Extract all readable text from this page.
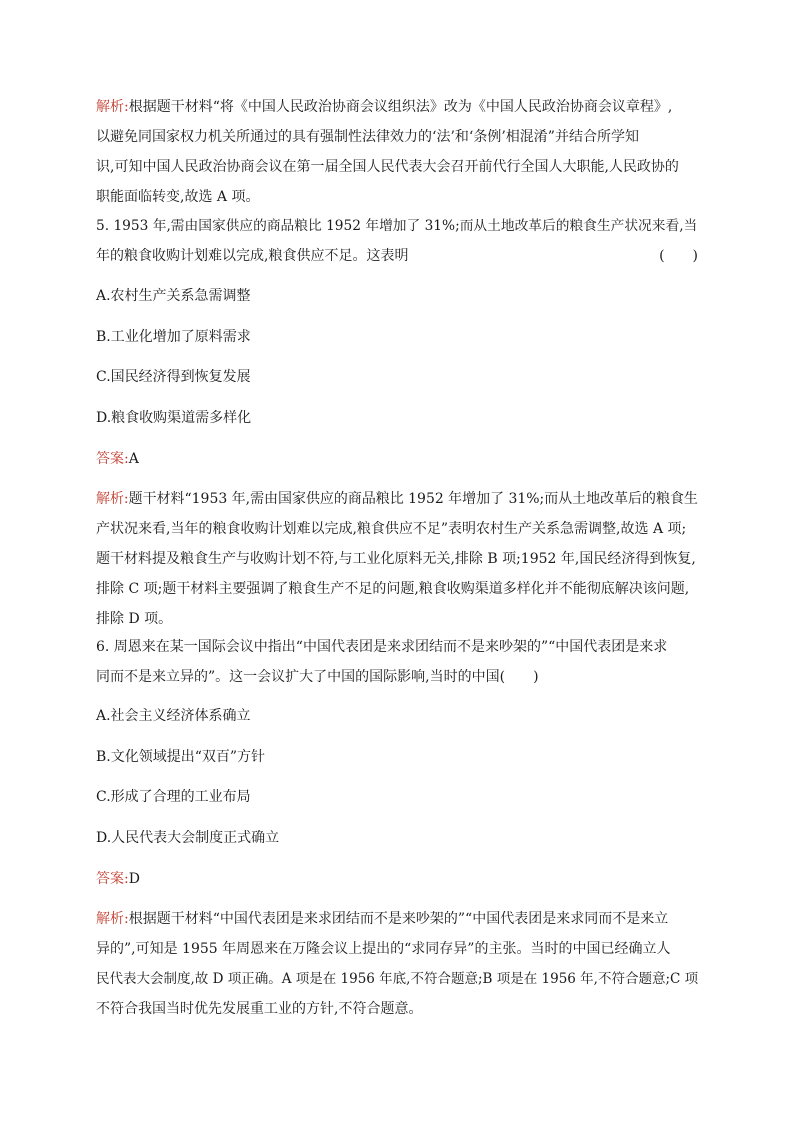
解析:根据题干材料“将《中国人民政治协商会议组织法》改为《中国人民政治协商会议章程》,
以避免同国家权力机关所通过的具有强制性法律效力的‘法’和‘条例’相混淆”并结合所学知
识,可知中国人民政治协商会议在第一届全国人民代表大会召开前代行全国人大职能,人民政协的
职能面临转变,故选 A 项。
5. 1953 年,需由国家供应的商品粮比 1952 年增加了 31%;而从土地改革后的粮食生产状况来看,当
年的粮食收购计划难以完成,粮食供应不足。这表明	(　　)
A.农村生产关系急需调整
B.工业化增加了原料需求
C.国民经济得到恢复发展
D.粮食收购渠道需多样化
答案:A
解析:题干材料“1953 年,需由国家供应的商品粮比 1952 年增加了 31%;而从土地改革后的粮食生
产状况来看,当年的粮食收购计划难以完成,粮食供应不足”表明农村生产关系急需调整,故选 A 项;
题干材料提及粮食生产与收购计划不符,与工业化原料无关,排除 B 项;1952 年,国民经济得到恢复,
排除 C 项;题干材料主要强调了粮食生产不足的问题,粮食收购渠道多样化并不能彻底解决该问题,
排除 D 项。
6. 周恩来在某一国际会议中指出“中国代表团是来求团结而不是来吵架的”“中国代表团是来求
同而不是来立异的”。这一会议扩大了中国的国际影响,当时的中国(　　)
A.社会主义经济体系确立
B.文化领域提出“双百”方针
C.形成了合理的工业布局
D.人民代表大会制度正式确立
答案:D
解析:根据题干材料“中国代表团是来求团结而不是来吵架的”“中国代表团是来求同而不是来立
异的”,可知是 1955 年周恩来在万隆会议上提出的“求同存异”的主张。当时的中国已经确立人
民代表大会制度,故 D 项正确。A 项是在 1956 年底,不符合题意;B 项是在 1956 年,不符合题意;C 项
不符合我国当时优先发展重工业的方针,不符合题意。
